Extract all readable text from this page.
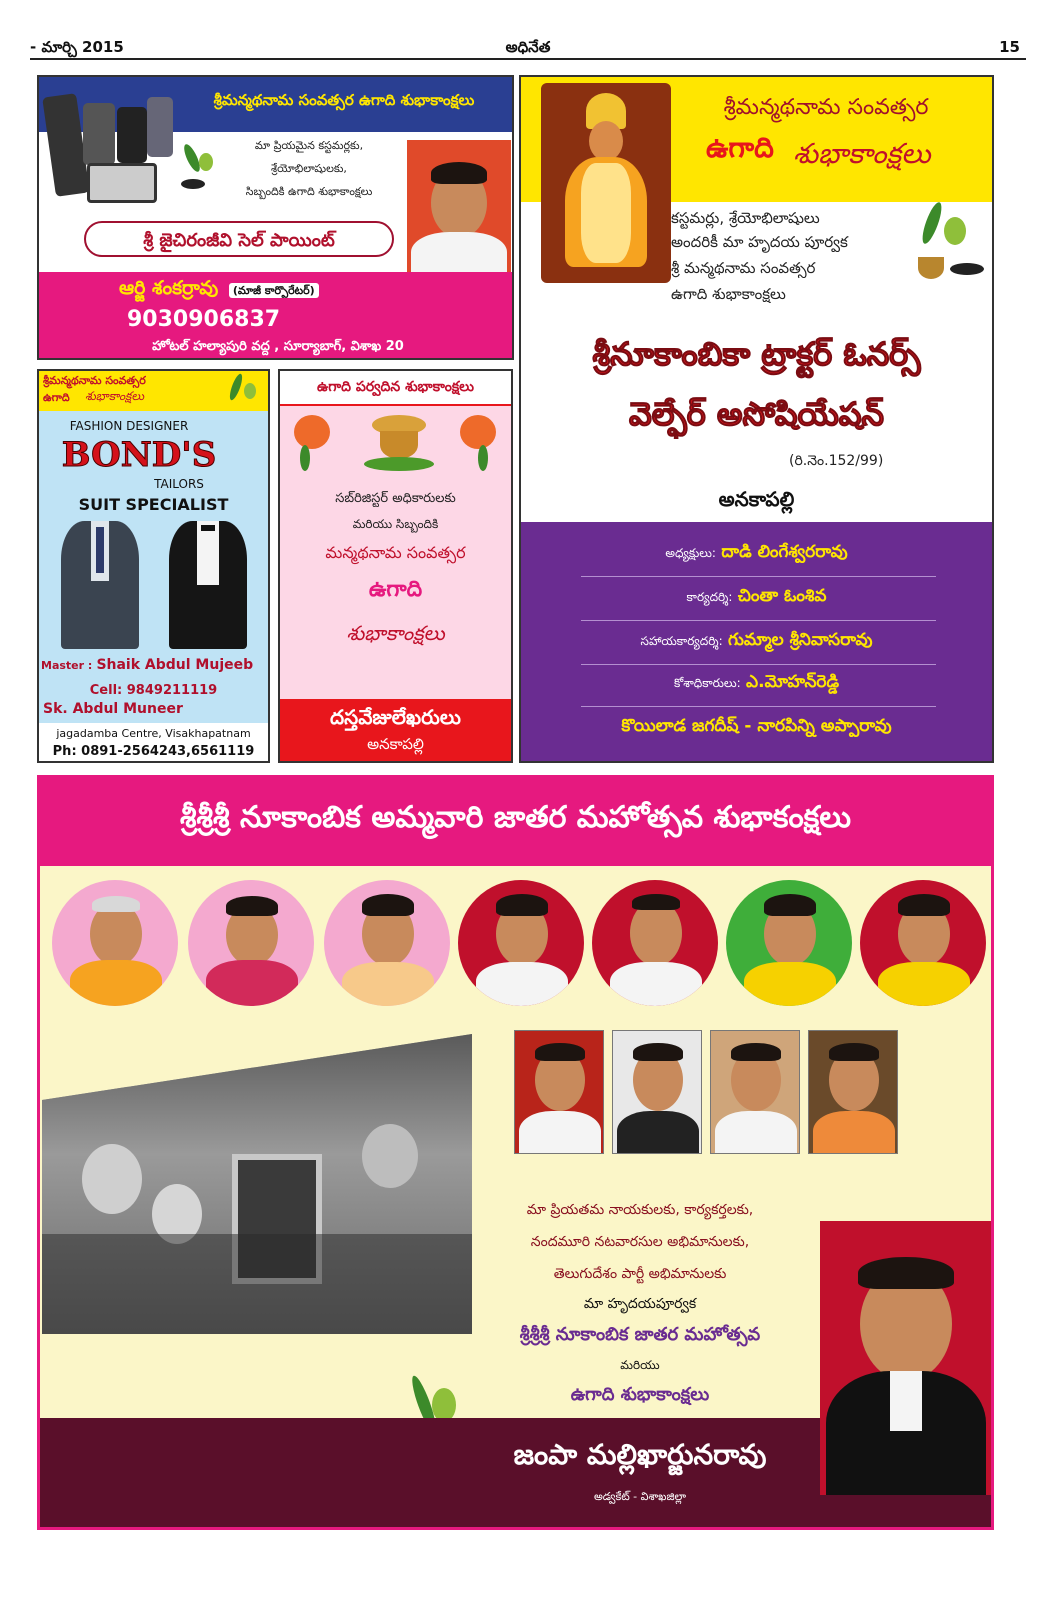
- మార్చి 2015	అధినేత	15
శ్రీమన్మథనామ సంవత్సర ఉగాది శుభాకాంక్షలు
మా ప్రియమైన కస్టమర్లకు,
శ్రేయోభిలాషులకు,
సిబ్బందికి ఉగాది శుభాకాంక్షలు
శ్రీ జైచిరంజీవి సెల్ పాయింట్
ఆర్జి శంకర్రావు (మాజీ కార్పొరేటర్)
9030906837
హోటల్ హల్యాపురి వద్ద , సూర్యాబాగ్, విశాఖ 20
శ్రీమన్మథనామ సంవత్సర
ఉగాది శుభాకాంక్షలు
కస్టమర్లు, శ్రేయోభిలాషులు
అందరికీ మా హృదయ పూర్వక
శ్రీ మన్మథనామ సంవత్సర
ఉగాది శుభాకాంక్షలు
శ్రీనూకాంబికా ట్రాక్టర్ ఓనర్స్
వెల్ఫేర్ అసోషియేషన్
(రి.నెం.152/99)
అనకాపల్లి
అధ్యక్షులు: దాడి లింగేశ్వరరావు
కార్యదర్శి: చింతా ఓంశివ
సహాయకార్యదర్శి: గుమ్మాల శ్రీనివాసరావు
కోశాధికారులు: ఎ.మోహన్‌రెడ్డి
కొయిలాడ జగదీష్ - నారపిన్ని అప్పారావు
శ్రీమన్మథనామ సంవత్సర
ఉగాది శుభాకాంక్షలు
FASHION DESIGNER
BOND'S
TAILORS
SUIT SPECIALIST
Master : Shaik Abdul Mujeeb
Cell: 9849211119
Sk. Abdul Muneer
jagadamba Centre, Visakhapatnam
Ph: 0891-2564243,6561119
ఉగాది పర్వదిన శుభాకాంక్షలు
సబ్‌రిజిస్టర్ అధికారులకు
మరియు సిబ్బందికి
మన్మథనామ సంవత్సర
ఉగాది
శుభాకాంక్షలు
దస్తవేజులేఖరులు
అనకాపల్లి
శ్రీశ్రీశ్రీ నూకాంబిక అమ్మవారి జాతర మహోత్సవ శుభాకంక్షలు
మా ప్రియతమ నాయకులకు, కార్యకర్తలకు,
నందమూరి నటవారసుల అభిమానులకు,
తెలుగుదేశం పార్టీ అభిమానులకు
మా హృదయపూర్వక
శ్రీశ్రీశ్రీ నూకాంబిక జాతర మహోత్సవ
మరియు
ఉగాది శుభాకాంక్షలు
జంపా మల్లిఖార్జునరావు
అడ్వకేట్ - విశాఖజిల్లా
